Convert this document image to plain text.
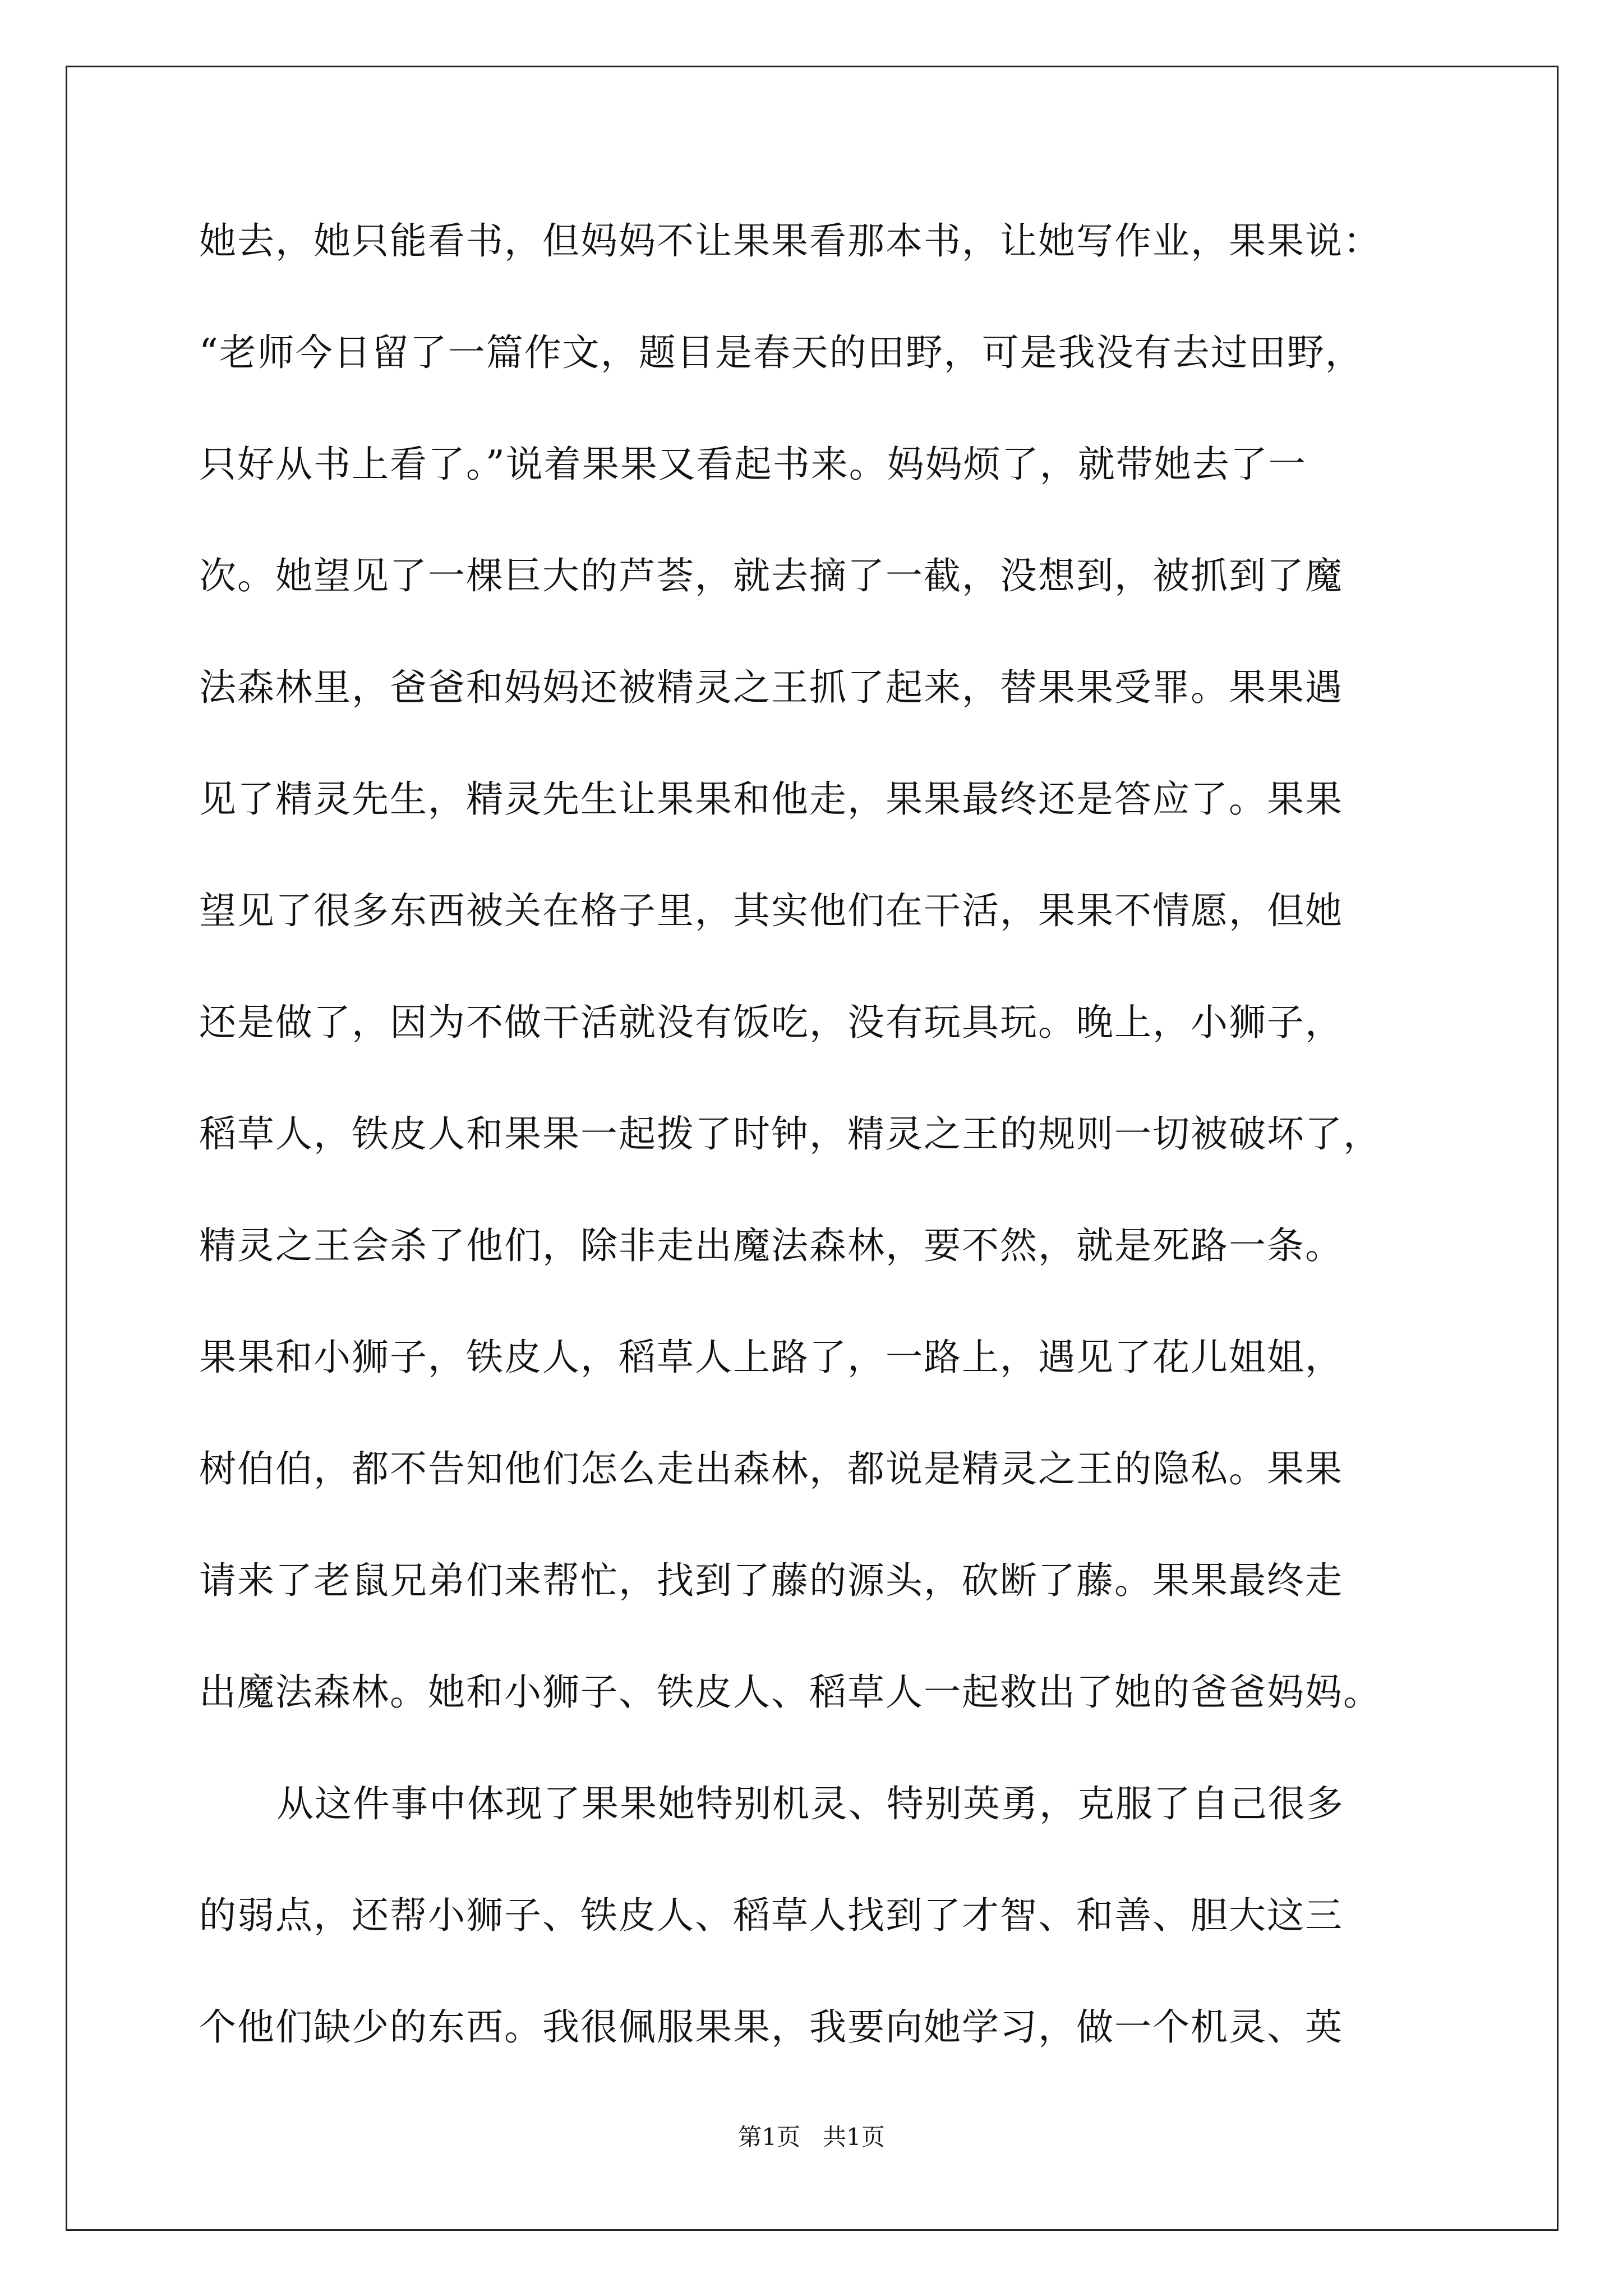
她去，她只能看书，但妈妈不让果果看那本书，让她写作业，果果说：
“老师今日留了一篇作文，题目是春天的田野，可是我没有去过田野，
只好从书上看了。”说着果果又看起书来。妈妈烦了，就带她去了一
次。她望见了一棵巨大的芦荟，就去摘了一截，没想到，被抓到了魔
法森林里，爸爸和妈妈还被精灵之王抓了起来，替果果受罪。果果遇
见了精灵先生，精灵先生让果果和他走，果果最终还是答应了。果果
望见了很多东西被关在格子里，其实他们在干活，果果不情愿，但她
还是做了，因为不做干活就没有饭吃，没有玩具玩。晚上，小狮子，
稻草人，铁皮人和果果一起拨了时钟，精灵之王的规则一切被破坏了，
精灵之王会杀了他们，除非走出魔法森林，要不然，就是死路一条。
果果和小狮子，铁皮人，稻草人上路了，一路上，遇见了花儿姐姐，
树伯伯，都不告知他们怎么走出森林，都说是精灵之王的隐私。果果
请来了老鼠兄弟们来帮忙，找到了藤的源头，砍断了藤。果果最终走
出魔法森林。她和小狮子、铁皮人、稻草人一起救出了她的爸爸妈妈。
从这件事中体现了果果她特别机灵、特别英勇，克服了自己很多
的弱点，还帮小狮子、铁皮人、稻草人找到了才智、和善、胆大这三
个他们缺少的东西。我很佩服果果，我要向她学习，做一个机灵、英
第1页 共1页
